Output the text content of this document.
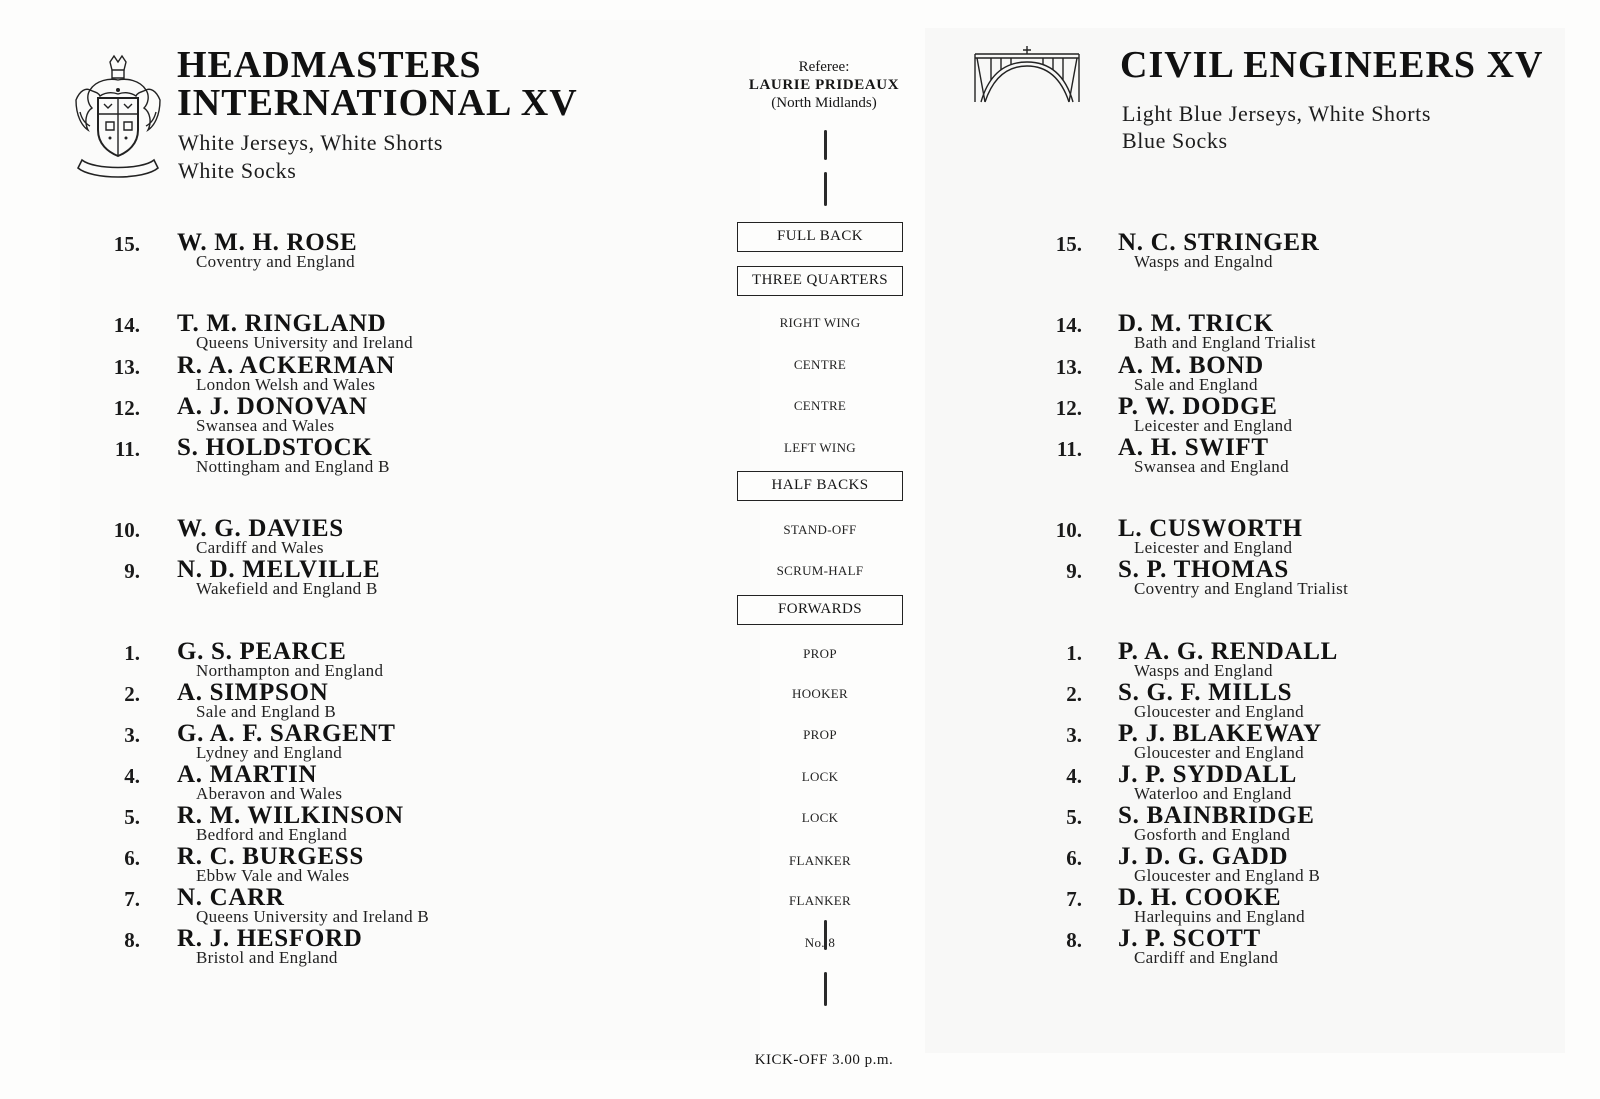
HEADMASTERS
INTERNATIONAL XV
White Jerseys, White Shorts
White Socks
CIVIL ENGINEERS XV
Light Blue Jerseys, White Shorts
Blue Socks
Referee:
LAURIE PRIDEAUX
(North Midlands)
FULL BACK
THREE QUARTERS
HALF BACKS
FORWARDS
RIGHT WING
CENTRE
CENTRE
LEFT WING
STAND-OFF
SCRUM-HALF
PROP
HOOKER
PROP
LOCK
LOCK
FLANKER
FLANKER
No. 8
KICK-OFF 3.00 p.m.
15. W. M. H. ROSE
Coventry and England
14. T. M. RINGLAND
Queens University and Ireland
13. R. A. ACKERMAN
London Welsh and Wales
12. A. J. DONOVAN
Swansea and Wales
11. S. HOLDSTOCK
Nottingham and England B
10. W. G. DAVIES
Cardiff and Wales
9. N. D. MELVILLE
Wakefield and England B
1. G. S. PEARCE
Northampton and England
2. A. SIMPSON
Sale and England B
3. G. A. F. SARGENT
Lydney and England
4. A. MARTIN
Aberavon and Wales
5. R. M. WILKINSON
Bedford and England
6. R. C. BURGESS
Ebbw Vale and Wales
7. N. CARR
Queens University and Ireland B
8. R. J. HESFORD
Bristol and England
15. N. C. STRINGER
Wasps and Engalnd
14. D. M. TRICK
Bath and England Trialist
13. A. M. BOND
Sale and England
12. P. W. DODGE
Leicester and England
11. A. H. SWIFT
Swansea and England
10. L. CUSWORTH
Leicester and England
9. S. P. THOMAS
Coventry and England Trialist
1. P. A. G. RENDALL
Wasps and England
2. S. G. F. MILLS
Gloucester and England
3. P. J. BLAKEWAY
Gloucester and England
4. J. P. SYDDALL
Waterloo and England
5. S. BAINBRIDGE
Gosforth and England
6. J. D. G. GADD
Gloucester and England B
7. D. H. COOKE
Harlequins and England
8. J. P. SCOTT
Cardiff and England
